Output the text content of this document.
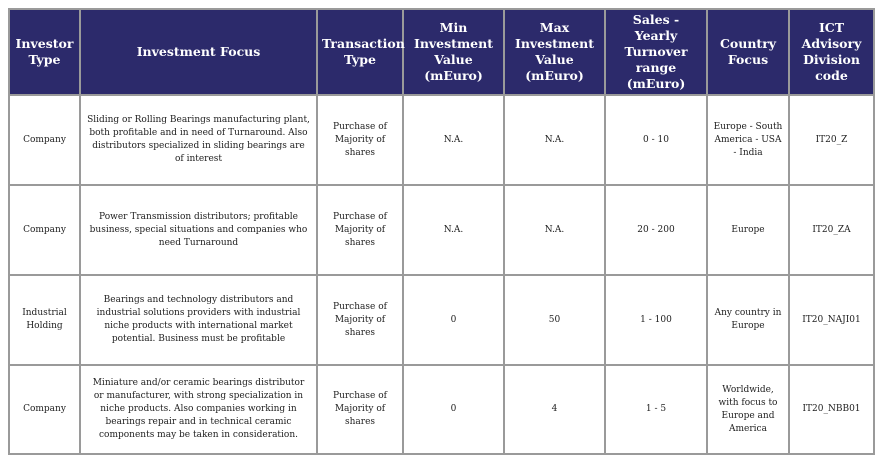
Investor Type	Investment Focus	Transaction Type	Min Investment Value (mEuro)	Max Investment Value (mEuro)	Sales - Yearly Turnover range (mEuro)	Country Focus	ICT Advisory Division code
Company	Sliding or Rolling Bearings manufacturing plant, both profitable and in need of Turnaround. Also distributors specialized in sliding bearings are of interest	Purchase of Majority of shares	N.A.	N.A.	0 - 10	Europe - South America - USA - India	IT20_Z
Company	Power Transmission distributors; profitable business, special situations and companies who need Turnaround	Purchase of Majority of shares	N.A.	N.A.	20 - 200	Europe	IT20_ZA
Industrial Holding	Bearings and technology distributors and industrial solutions providers with industrial niche products with international market potential. Business must be profitable	Purchase of Majority of shares	0	50	1 - 100	Any country in Europe	IT20_NAJI01
Company	Miniature and/or ceramic bearings distributor or manufacturer, with strong specialization in niche products. Also companies working in bearings repair and in technical ceramic components may be taken in consideration.	Purchase of Majority of shares	0	4	1 - 5	Worldwide, with focus to Europe and America	IT20_NBB01
